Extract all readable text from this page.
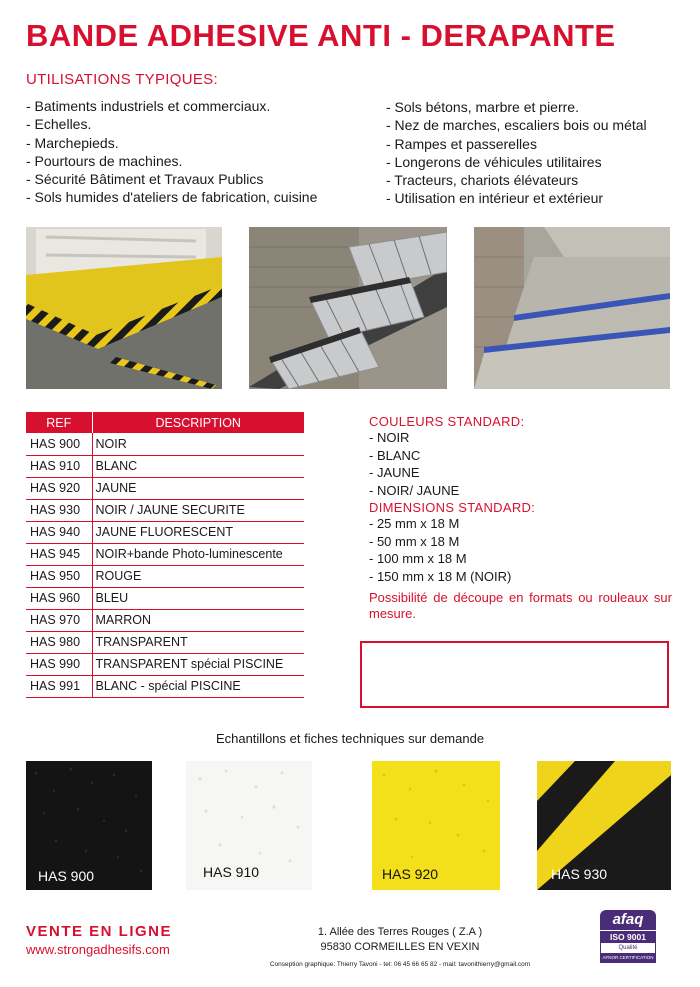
BANDE ADHESIVE ANTI - DERAPANTE
UTILISATIONS TYPIQUES:
- Batiments industriels et commerciaux.
- Echelles.
- Marchepieds.
- Pourtours de machines.
- Sécurité Bâtiment et Travaux Publics
- Sols humides d'ateliers de fabrication, cuisine
- Sols bétons, marbre et pierre.
- Nez de marches, escaliers bois ou métal
- Rampes et passerelles
- Longerons de véhicules utilitaires
- Tracteurs, chariots élévateurs
- Utilisation en intérieur et extérieur
REF	DESCRIPTION
HAS 900	NOIR
HAS 910	BLANC
HAS 920	JAUNE
HAS 930	NOIR / JAUNE SECURITE
HAS 940	JAUNE FLUORESCENT
HAS 945	NOIR+bande Photo-luminescente
HAS 950	ROUGE
HAS 960	BLEU
HAS 970	MARRON
HAS 980	TRANSPARENT
HAS 990	TRANSPARENT spécial PISCINE
HAS 991	BLANC - spécial PISCINE
COULEURS STANDARD:
- NOIR
- BLANC
- JAUNE
- NOIR/ JAUNE
DIMENSIONS STANDARD:
- 25 mm x 18 M
- 50 mm x 18 M
- 100 mm x 18 M
- 150 mm x 18 M (NOIR)
Possibilité de découpe en formats ou rouleaux sur mesure.
Echantillons et fiches techniques sur demande
HAS 900	HAS 910	HAS 920	HAS 930
VENTE EN LIGNE
www.strongadhesifs.com
1. Allée des Terres Rouges ( Z.A )
95830 CORMEILLES EN VEXIN
Conseption graphique: Thierry Tavoni - tel: 06 45 66 65 82 - mail: tavonithierry@gmail.com
afaq
ISO 9001
Qualité
AFNOR CERTIFICATION
